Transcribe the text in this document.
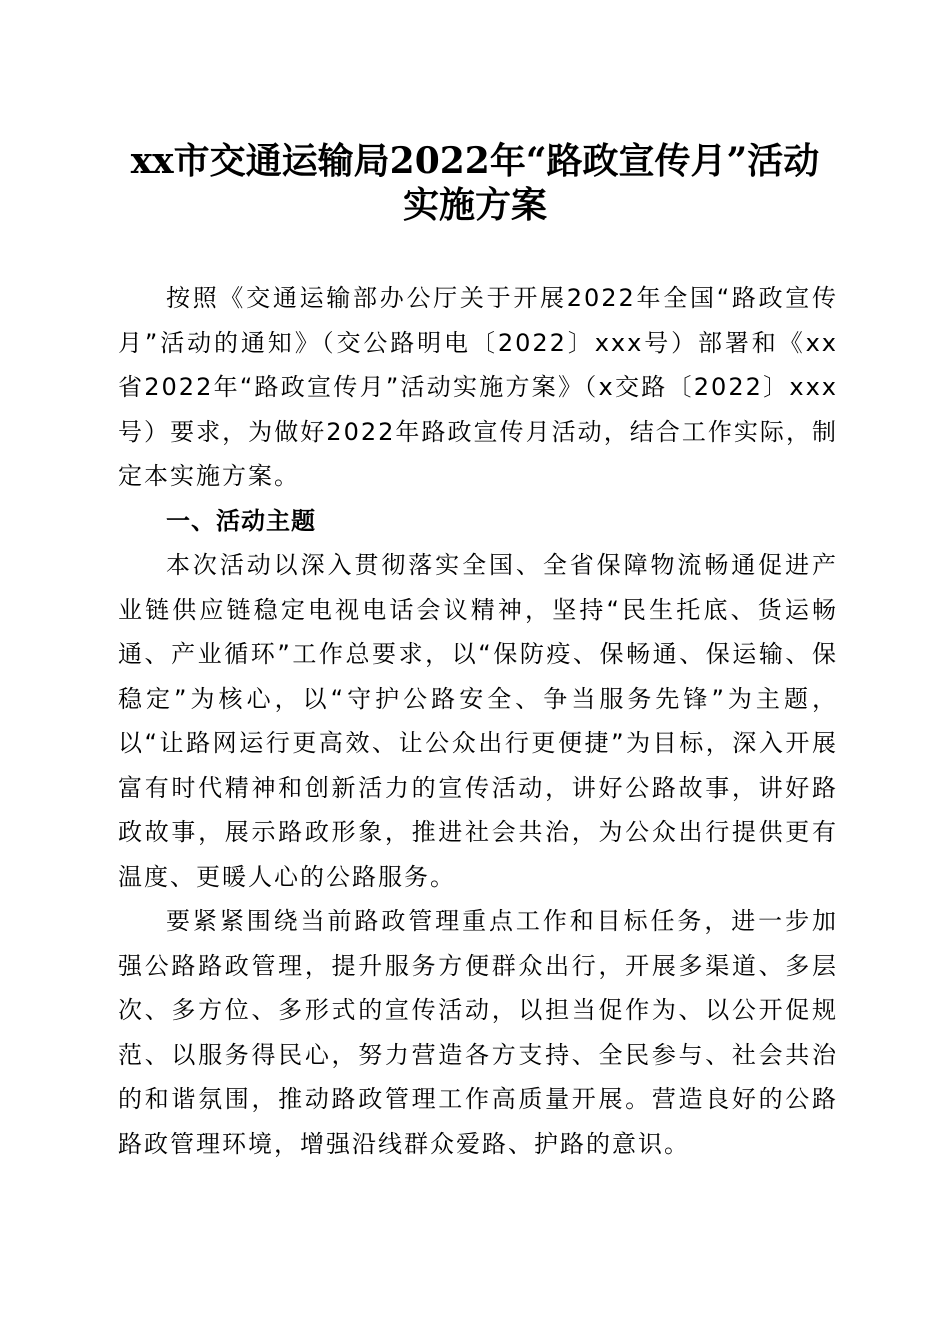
xx市交通运输局2022年“路政宣传月”活动
实施方案

按照《交通运输部办公厅关于开展2022年全国“路政宣传月”活动的通知》（交公路明电〔2022〕xxx号）部署和《xx省2022年“路政宣传月”活动实施方案》（x交路〔2022〕xxx号）要求，为做好2022年路政宣传月活动，结合工作实际，制定本实施方案。

一、活动主题

本次活动以深入贯彻落实全国、全省保障物流畅通促进产业链供应链稳定电视电话会议精神，坚持“民生托底、货运畅通、产业循环”工作总要求，以“保防疫、保畅通、保运输、保稳定”为核心，以“守护公路安全、争当服务先锋”为主题，以“让路网运行更高效、让公众出行更便捷”为目标，深入开展富有时代精神和创新活力的宣传活动，讲好公路故事，讲好路政故事，展示路政形象，推进社会共治，为公众出行提供更有温度、更暖人心的公路服务。

要紧紧围绕当前路政管理重点工作和目标任务，进一步加强公路路政管理，提升服务方便群众出行，开展多渠道、多层次、多方位、多形式的宣传活动，以担当促作为、以公开促规范、以服务得民心，努力营造各方支持、全民参与、社会共治的和谐氛围，推动路政管理工作高质量开展。营造良好的公路路政管理环境，增强沿线群众爱路、护路的意识。
